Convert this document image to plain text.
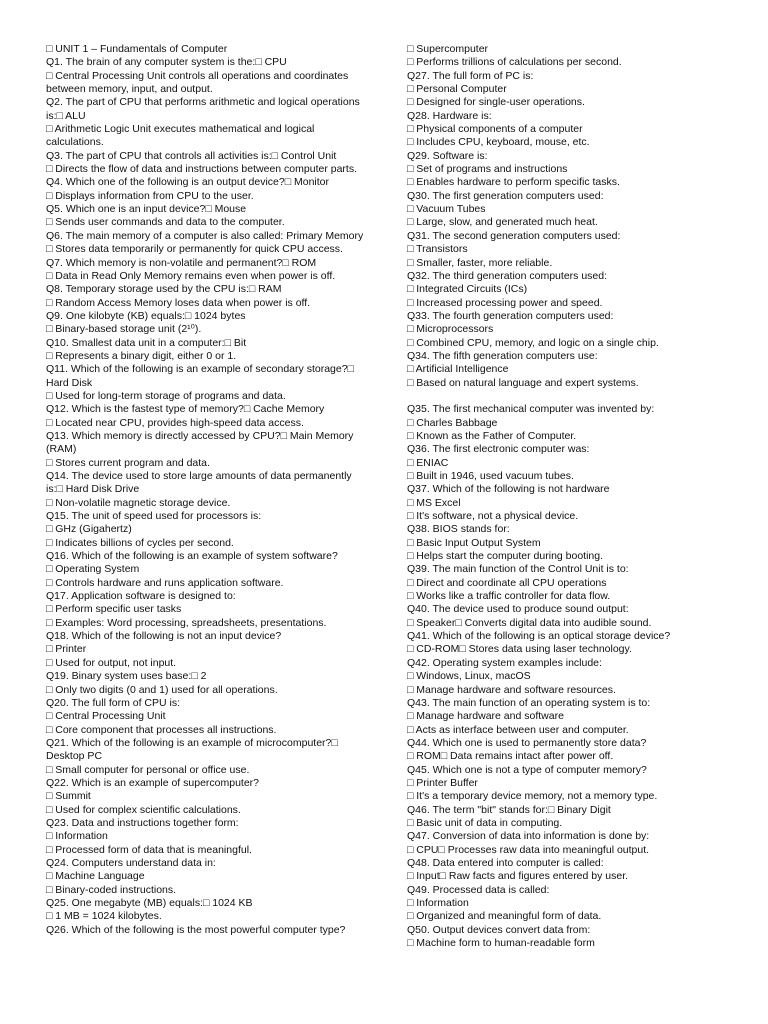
□ UNIT 1 – Fundamentals of Computer
Q1. The brain of any computer system is the:□ CPU
□ Central Processing Unit controls all operations and coordinates between memory, input, and output.
Q2. The part of CPU that performs arithmetic and logical operations is:□ ALU
□ Arithmetic Logic Unit executes mathematical and logical calculations.
Q3. The part of CPU that controls all activities is:□ Control Unit
□ Directs the flow of data and instructions between computer parts.
Q4. Which one of the following is an output device?□ Monitor
□ Displays information from CPU to the user.
Q5. Which one is an input device?□ Mouse
□ Sends user commands and data to the computer.
Q6. The main memory of a computer is also called: Primary Memory
□ Stores data temporarily or permanently for quick CPU access.
Q7. Which memory is non-volatile and permanent?□ ROM
□ Data in Read Only Memory remains even when power is off.
Q8. Temporary storage used by the CPU is:□ RAM
□ Random Access Memory loses data when power is off.
Q9. One kilobyte (KB) equals:□ 1024 bytes
□ Binary-based storage unit (2¹⁰).
Q10. Smallest data unit in a computer:□ Bit
□ Represents a binary digit, either 0 or 1.
Q11. Which of the following is an example of secondary storage?□ Hard Disk
□ Used for long-term storage of programs and data.
Q12. Which is the fastest type of memory?□ Cache Memory
□ Located near CPU, provides high-speed data access.
Q13. Which memory is directly accessed by CPU?□ Main Memory (RAM)
□ Stores current program and data.
Q14. The device used to store large amounts of data permanently is:□ Hard Disk Drive
□ Non-volatile magnetic storage device.
Q15. The unit of speed used for processors is:
□ GHz (Gigahertz)
□ Indicates billions of cycles per second.
Q16. Which of the following is an example of system software?
□ Operating System
□ Controls hardware and runs application software.
Q17. Application software is designed to:
□ Perform specific user tasks
□ Examples: Word processing, spreadsheets, presentations.
Q18. Which of the following is not an input device?
□ Printer
□ Used for output, not input.
Q19. Binary system uses base:□ 2
□ Only two digits (0 and 1) used for all operations.
Q20. The full form of CPU is:
□ Central Processing Unit
□ Core component that processes all instructions.
Q21. Which of the following is an example of microcomputer?□ Desktop PC
□ Small computer for personal or office use.
Q22. Which is an example of supercomputer?
□ Summit
□ Used for complex scientific calculations.
Q23. Data and instructions together form:
□ Information
□ Processed form of data that is meaningful.
Q24. Computers understand data in:
□ Machine Language
□ Binary-coded instructions.
Q25. One megabyte (MB) equals:□ 1024 KB
□ 1 MB = 1024 kilobytes.
Q26. Which of the following is the most powerful computer type?
□ Supercomputer
□ Performs trillions of calculations per second.
Q27. The full form of PC is:
□ Personal Computer
□ Designed for single-user operations.
Q28. Hardware is:
□ Physical components of a computer
□ Includes CPU, keyboard, mouse, etc.
Q29. Software is:
□ Set of programs and instructions
□ Enables hardware to perform specific tasks.
Q30. The first generation computers used:
□ Vacuum Tubes
□ Large, slow, and generated much heat.
Q31. The second generation computers used:
□ Transistors
□ Smaller, faster, more reliable.
Q32. The third generation computers used:
□ Integrated Circuits (ICs)
□ Increased processing power and speed.
Q33. The fourth generation computers used:
□ Microprocessors
□ Combined CPU, memory, and logic on a single chip.
Q34. The fifth generation computers use:
□ Artificial Intelligence
□ Based on natural language and expert systems.
Q35. The first mechanical computer was invented by:
□ Charles Babbage
□ Known as the Father of Computer.
Q36. The first electronic computer was:
□ ENIAC
□ Built in 1946, used vacuum tubes.
Q37. Which of the following is not hardware
□ MS Excel
□ It's software, not a physical device.
Q38. BIOS stands for:
□ Basic Input Output System
□ Helps start the computer during booting.
Q39. The main function of the Control Unit is to:
□ Direct and coordinate all CPU operations
□ Works like a traffic controller for data flow.
Q40. The device used to produce sound output:
□ Speaker□ Converts digital data into audible sound.
Q41. Which of the following is an optical storage device?
□ CD-ROM□ Stores data using laser technology.
Q42. Operating system examples include:
□ Windows, Linux, macOS
□ Manage hardware and software resources.
Q43. The main function of an operating system is to:
□ Manage hardware and software
□ Acts as interface between user and computer.
Q44. Which one is used to permanently store data?
□ ROM□ Data remains intact after power off.
Q45. Which one is not a type of computer memory?
□ Printer Buffer
□ It's a temporary device memory, not a memory type.
Q46. The term "bit" stands for:□ Binary Digit
□ Basic unit of data in computing.
Q47. Conversion of data into information is done by:
□ CPU□ Processes raw data into meaningful output.
Q48. Data entered into computer is called:
□ Input□ Raw facts and figures entered by user.
Q49. Processed data is called:
□ Information
□ Organized and meaningful form of data.
Q50. Output devices convert data from:
□ Machine form to human-readable form
